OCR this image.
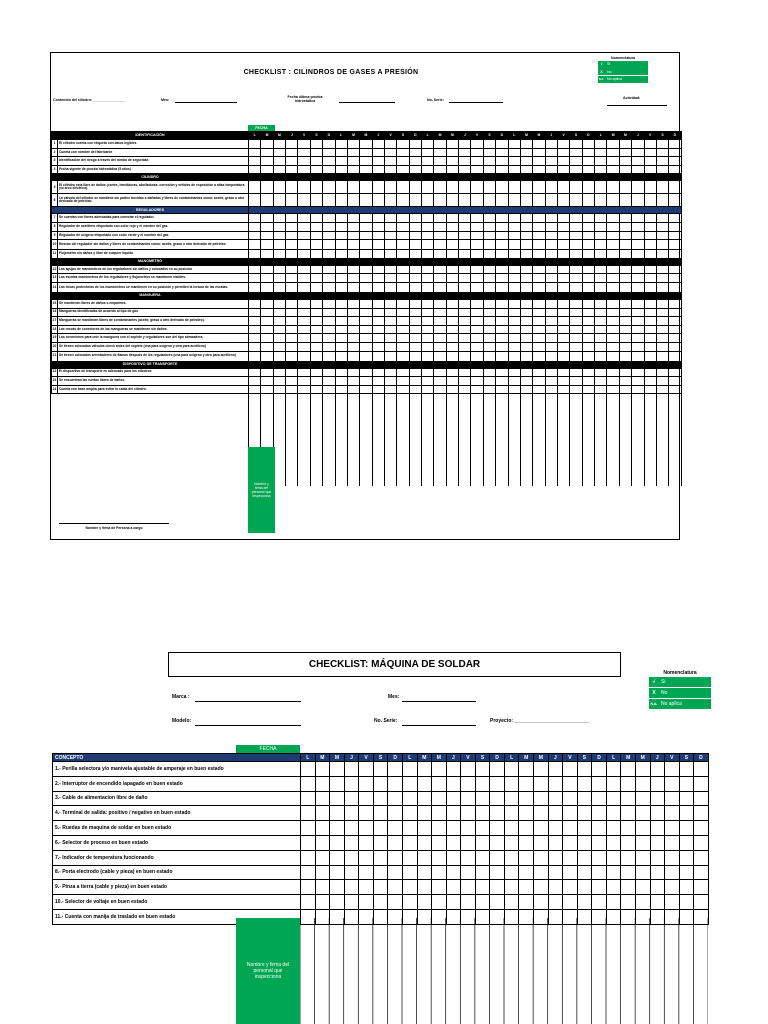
CHECKLIST : CILINDROS DE GASES A PRESIÓN
Nomenclatura
√	Si
X	No
N.A. No aplica
Contenido del cilindro: ________________	Mes:
Fecha última prueba hidrostática	No. Serie:	Actividad:
FECHA
IDENTIFICACIÓN			L	M	M	J	V	S	D	L	M	M	J	V	S	D	L	M	M	J	V	S	D	L	M	M	J	V	S	D	L	M	M	J	V	S	D
1	El cilindro cuenta con etiqueta con datos legibles																																				
2	Cuenta con nombre del fabricante																																				
3	Identificación del riesgo a través del rombo de seguridad																																				
4	Fecha vigente de prueba hidrostática (5 años)																																				
CILINDRO																																					
5	El cilindro esta libre de daños (cortes, hendiduras, abolladuras, corrosión y señales de exposición a altas temperatura y/o arco eléctrico).																																				
6	La válvula del cilindro se mantiene sin partes torcidas o dañadas y libres de contaminantes como: aceite, grasa u otro derivado de petróleo.																																				
REGULADORES																																					
7	Se cuentan con llaves adecuadas para conectar el regulador.																																				
8	Regulador de acetileno etiquetado con color rojo y el nombre del gas.																																				
9	Regulador de oxígeno etiquetado con color verde y el nombre del gas.																																				
10	Roscas del regulador sin daños y libres de contaminantes como: aceite, grasa u otro derivado de petróleo.																																				
11	Flujometro sin daños y libre de culquier líquido																																				
MANOMETRO																																					
12	Las agujas de manómetros de los reguladores sin daños y colocados en su posición																																				
13	Las escalas manómetros de los reguladores y flujometros se mantienen visibles.																																				
14	Las micas protectoras de los manómetros se mantienen en su posición y permiten la lectura de las escalas.																																				
MANGUERA																																					
15	Se mantienen libres de daños o empalmes.																																				
16	Mangueras identificadas de acuerdo al tipo de gas																																				
17	Mangueras se mantienen libres de contaminantes (aceite, grasa u otro derivado de petróleo).																																				
18	Las roscas de conectores de las mangueras se mantienen sin daños.																																				
19	Las conexiones para unir la manguera con el soplete y reguladores son del tipo abrazadera.																																				
20	Se tienen colocadas válvulas check antes del soplete (una para oxígeno y otra para acetileno)																																				
21	Se tienen colocados arrestadores de flamas después de los reguladores (una para oxigeno y otro para acetileno)																																				
DISPOSITIVO DE TRANSPORTE																																					
22	El dispositivo de transporte es adecuado para los cilindros																																				
23	Se encuentran las ruedas libres de daños.																																				
24	Cuenta con base amplia para evitar la caída del cilindro.																																				

Nombre y firma del personal que inspecciona
Nombre y firma de Persona a cargo
CHECKLIST: MÁQUINA DE SOLDAR
Nomenclatura
√	Si
X	No
N.A. No aplica
Marca :	Mes:
Modelo:	No. Serie:	Proyecto: ___________________________
FECHA
CONCEPTO	L	M	M	J	V	S	D	L	M	M	J	V	S	D	L	M	M	J	V	S	D	L	M	M	J	V	S	D
1.- Perilla selectora y/o manivela ajustable de amperaje en buen estado																												
2.- Interruptor de encendido /apagado en buen estado																												
3.- Cable de alimentacion libre de daño																												
4.- Terminal de salida: positivo / negativo en buen estado																												
5.- Ruedas de maquina de soldar en buen estado																												
6.- Selector de proceso en buen estado																												
7.- Indicador de temperatura funcionando																												
8.- Porta electrodo (cable y pieza) en buen estado																												
9.- Pinza a tierra (cable y pieza) en buen estado																												
10.- Selector de voltaje en buen estado																												
11.- Cuenta con manija de traslado en buen estado																												
Nombre y firma del personal que inspecciona
